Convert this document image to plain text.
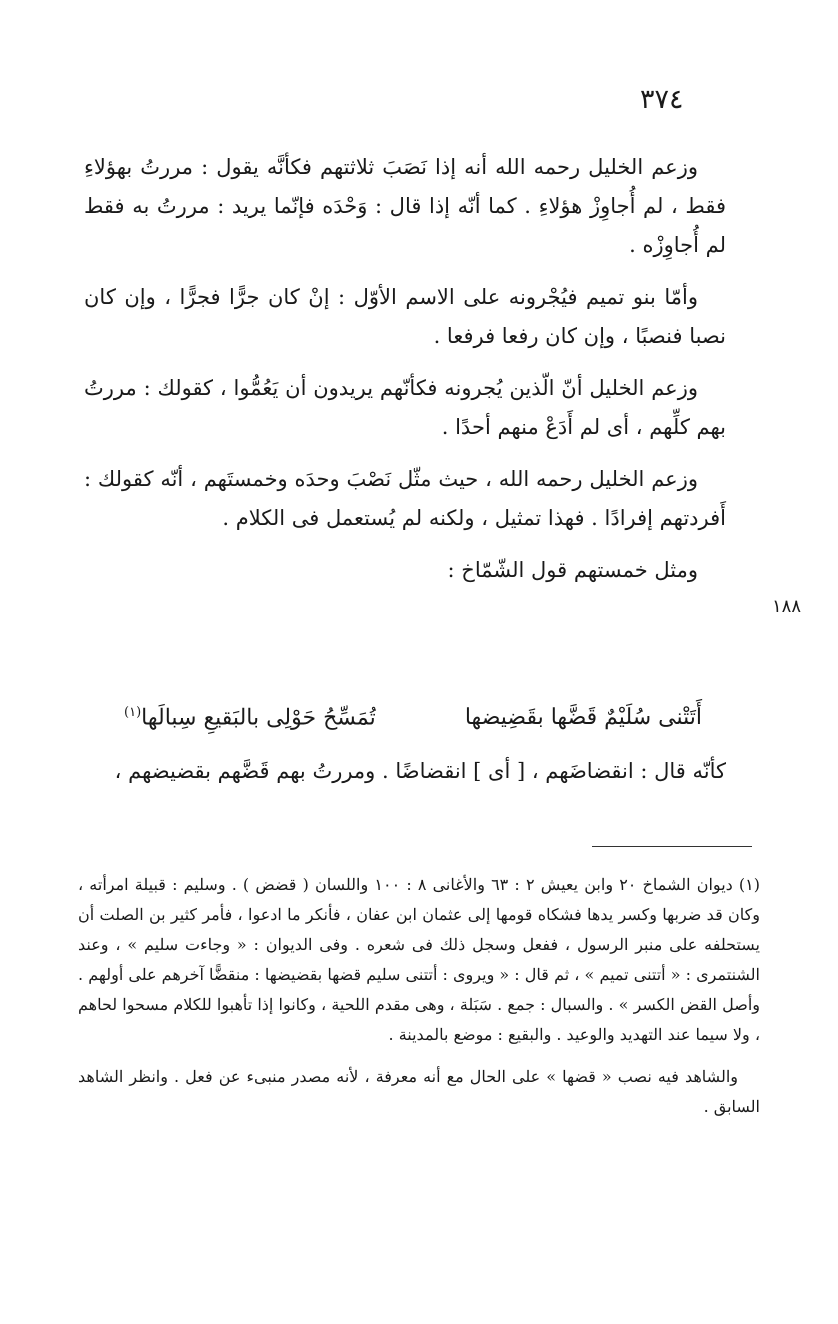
٣٧٤

وزعم الخليل رحمه الله أنه إذا نَصَبَ ثلاثتهم فكأنَّه يقول : مررتُ بهؤلاءِ فقط ، لم أُجاوِزْ هؤلاءِ . كما أنّه إذا قال : وَحْدَه فإنّما يريد : مررتُ به فقط لم أُجاوِزْه .

وأمّا بنو تميم فيُجْرونه على الاسم الأوّل : إنْ كان جرًّا فجرًّا ، وإن كان نصبا فنصبًا ، وإن كان رفعا فرفعا .

وزعم الخليل أنّ الّذين يُجرونه فكأنّهم يريدون أن يَعُمُّوا ، كقولك : مررتُ بهم كلِّهم ، أى لم أَدَعْ منهم أحدًا .

وزعم الخليل رحمه الله ، حيث مثّل نَصْبَ وحدَه وخمستَهم ، أنّه كقولك : أَفردتهم إفرادًا . فهذا تمثيل ، ولكنه لم يُستعمل فى الكلام .

ومثل خمستهم قول الشّمّاخ :

١٨٨
أَتَتْنى سُلَيْمٌ قَضَّها بقَضِيضها
تُمَسِّحُ حَوْلِى بالبَقيعِ سِبالَها$^{(١)}$
كأنّه قال : انقضاضَهم ، [ أى ] انقضاضًا . ومررتُ بهم قَضَّهم بقضيضهم ،

(١) ديوان الشماخ ٢٠ وابن يعيش ٢ : ٦٣ والأغانى ٨ : ١٠٠ واللسان ( قضض ) . وسليم : قبيلة امرأته ، وكان قد ضربها وكسر يدها فشكاه قومها إلى عثمان ابن عفان ، فأنكر ما ادعوا ، فأمر كثير بن الصلت أن يستحلفه على منبر الرسول ، ففعل وسجل ذلك فى شعره . وفى الديوان : « وجاءت سليم » ، وعند الشنتمرى : « أتتنى تميم » ، ثم قال : « ويروى : أتتنى سليم قضها بقضيضها : منقضًّا آخرهم على أولهم . وأصل القض الكسر » . والسبال : جمع . سَبَلة ، وهى مقدم اللحية ، وكانوا إذا تأهبوا للكلام مسحوا لحاهم ، ولا سيما عند التهديد والوعيد . والبقيع : موضع بالمدينة .

والشاهد فيه نصب « قضها » على الحال مع أنه معرفة ، لأنه مصدر منبىء عن فعل . وانظر الشاهد السابق .
